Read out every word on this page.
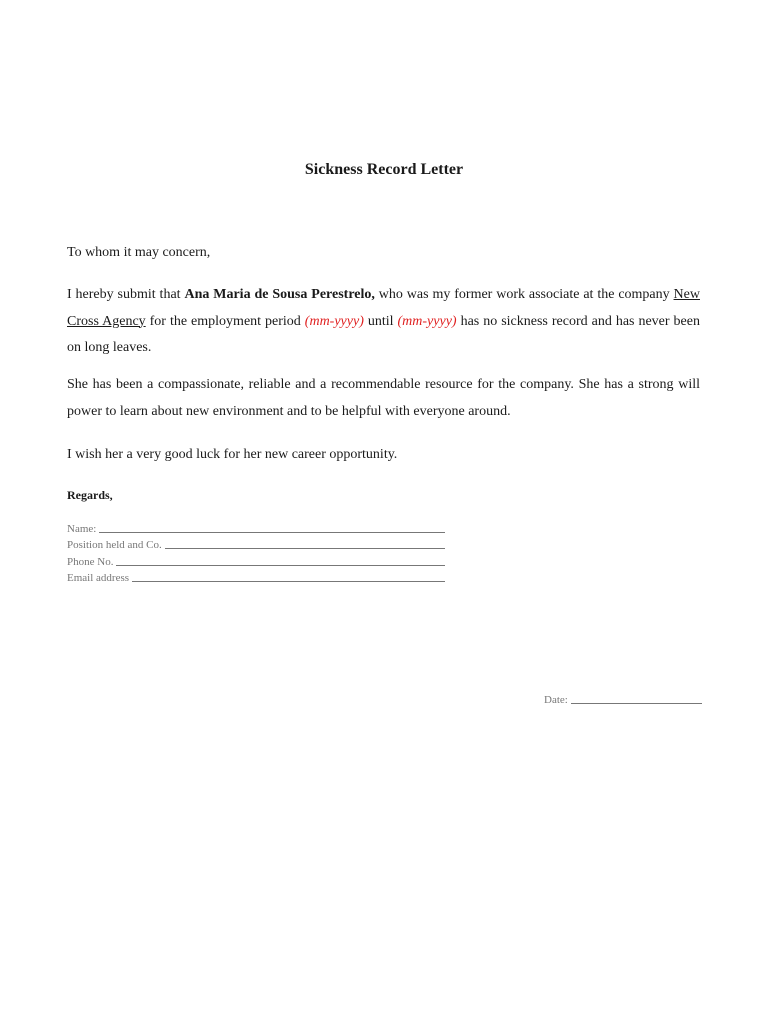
Sickness Record Letter
To whom it may concern,
I hereby submit that Ana Maria de Sousa Perestrelo, who was my former work associate at the company New Cross Agency for the employment period (mm-yyyy) until (mm-yyyy) has no sickness record and has never been on long leaves.
She has been a compassionate, reliable and a recommendable resource for the company. She has a strong will power to learn about new environment and to be helpful with everyone around.
I wish her a very good luck for her new career opportunity.
Regards,
Name:
Position held and Co.
Phone No.
Email address
Date:
